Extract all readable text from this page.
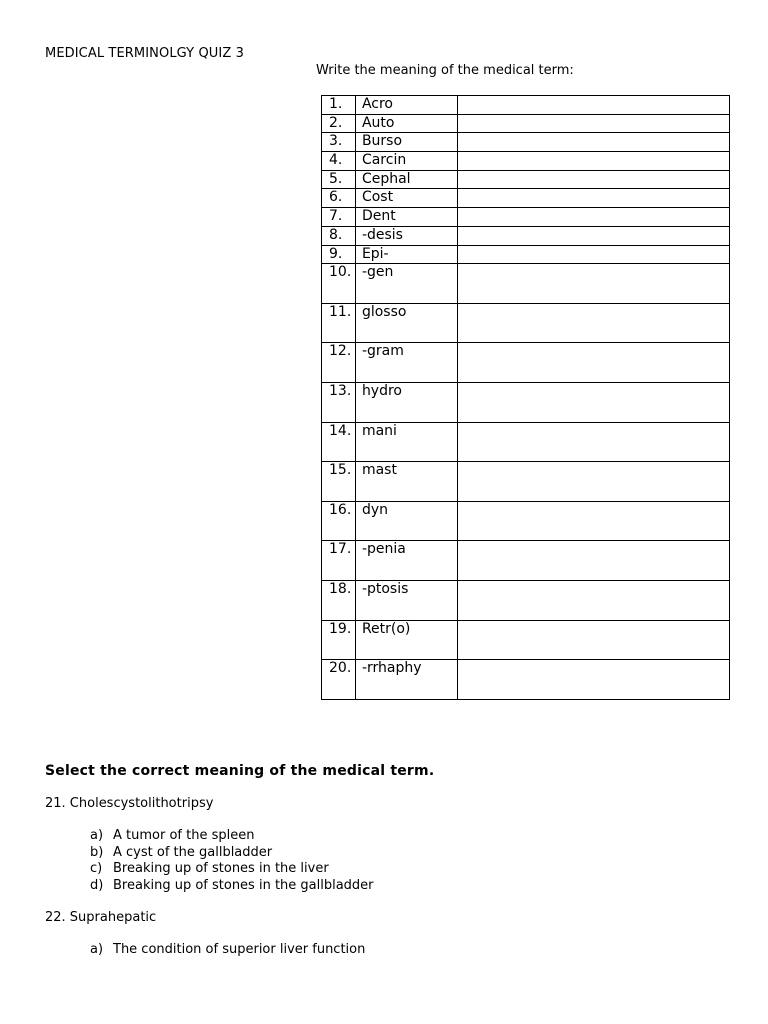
MEDICAL TERMINOLGY QUIZ 3
Write the meaning of the medical term:
1.	Acro	
2.	Auto	
3.	Burso	
4.	Carcin	
5.	Cephal	
6.	Cost	
7.	Dent	
8.	-desis	
9.	Epi-	
10.	-gen	
11.	glosso	
12.	-gram	
13.	hydro	
14.	mani	
15.	mast	
16.	dyn	
17.	-penia	
18.	-ptosis	
19.	Retr(o)	
20.	-rrhaphy	
Select the correct meaning of the medical term.
21. Cholescystolithotripsy
a) A tumor of the spleen
b) A cyst of the gallbladder
c) Breaking up of stones in the liver
d) Breaking up of stones in the gallbladder
22. Suprahepatic
a) The condition of superior liver function
